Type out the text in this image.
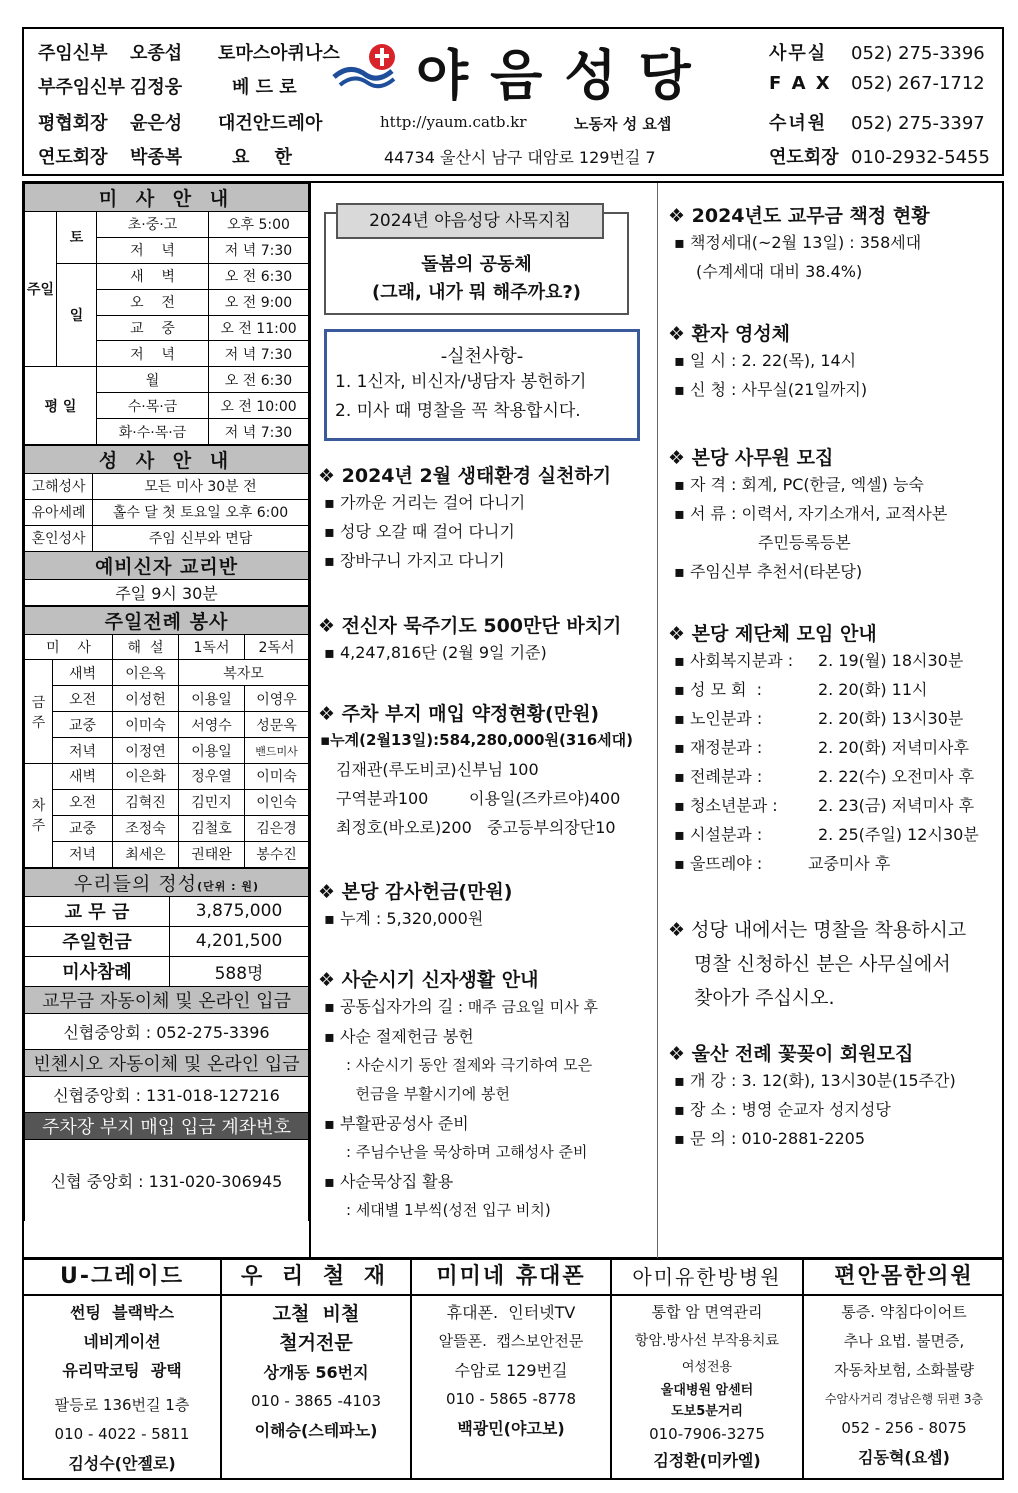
주임신부 오종섭 토마스아퀴나스
부주임신부 김정웅	베 드 로
평협회장 윤은성 대건안드레아
연도회장 박종복	요    한
야음성당
http://yaum.catb.kr	노동자 성 요셉
44734 울산시 남구 대암로 129번길 7
사무실 052) 275-3396
F A X 052) 267-1712
수녀원 052) 275-3397
연도회장 010-2932-5455
미 사 안 내			
주일	토	초·중·고	오후 5:00
		저    녁	저 녁 7:30
	일	새    벽	오 전 6:30
		오    전	오 전 9:00
		교    중	오 전 11:00
		저    녁	저 녁 7:30
평 일		월	오 전 6:30
		수·목·금	오 전 10:00
		화·수·목·금	저 녁 7:30
성 사 안 내	
고해성사	모든 미사 30분 전
유아세례	홀수 달 첫 토요일 오후 6:00
혼인성사	주임 신부와 면담
예비신자 교리반	
주일 9시 30분	
주일전례 봉사				
미    사		해  설	1독서	2독서
금주	새벽	이은옥	복자모	
	오전	이성헌	이용일	이영우
	교중	이미숙	서영수	성문옥
	저녁	이정연	이용일	밴드미사
차주	새벽	이은화	정우열	이미숙
	오전	김혁진	김민지	이인숙
	교중	조정숙	김철호	김은경
	저녁	최세은	권태완	봉수진
우리들의 정성(단위 : 원)	
교 무 금	3,875,000
주일헌금	4,201,500
미사참례	588명
교무금 자동이체 및 온라인 입금	
신협중앙회 : 052-275-3396	
빈첸시오 자동이체 및 온라인 입금	
신협중앙회 : 131-018-127216	
주차장 부지 매입 입금 계좌번호	
신협 중앙회 : 131-020-306945	
2024년 야음성당 사목지침
돌봄의 공동체
(그래, 내가 뭐 해주까요?)
-실천사항-
1. 1신자, 비신자/냉담자 봉헌하기
2. 미사 때 명찰을 꼭 착용합시다.
❖ 2024년 2월 생태환경 실천하기
▪ 가까운 거리는 걸어 다니기
▪ 성당 오갈 때 걸어 다니기
▪ 장바구니 가지고 다니기
❖ 전신자 묵주기도 500만단 바치기
▪ 4,247,816단 (2월 9일 기준)
❖ 주차 부지 매입 약정현황(만원)
▪누계(2월13일):584,280,000원(316세대)
김재관(루도비코)신부님 100
구역분과100        이용일(즈카르야)400
최정호(바오로)200   중고등부의장단10
❖ 본당 감사헌금(만원)
▪ 누계 : 5,320,000원
❖ 사순시기 신자생활 안내
▪ 공동십자가의 길 : 매주 금요일 미사 후
▪ 사순 절제헌금 봉헌
: 사순시기 동안 절제와 극기하여 모은
헌금을 부활시기에 봉헌
▪ 부활판공성사 준비
: 주님수난을 묵상하며 고해성사 준비
▪ 사순묵상집 활용
: 세대별 1부씩(성전 입구 비치)
❖ 2024년도 교무금 책정 현황
▪ 책정세대(~2월 13일) : 358세대
(수계세대 대비 38.4%)
❖ 환자 영성체
▪ 일 시 : 2. 22(목), 14시
▪ 신 청 : 사무실(21일까지)
❖ 본당 사무원 모집
▪ 자 격 : 회계, PC(한글, 엑셀) 능숙
▪ 서 류 : 이력서, 자기소개서, 교적사본
주민등록등본
▪ 주임신부 추천서(타본당)
❖ 본당 제단체 모임 안내
▪ 사회복지분과 : 2. 19(월) 18시30분
▪ 성 모 회  :	2. 20(화) 11시
▪ 노인분과 :	2. 20(화) 13시30분
▪ 재정분과 :	2. 20(화) 저녁미사후
▪ 전례분과 :	2. 22(수) 오전미사 후
▪ 청소년분과 :	2. 23(금) 저녁미사 후
▪ 시설분과 :	2. 25(주일) 12시30분
▪ 울뜨레야 :	교중미사 후
❖ 성당 내에서는 명찰을 착용하시고
명찰 신청하신 분은 사무실에서
찾아가 주십시오.
❖ 울산 전례 꽃꽂이 회원모집
▪ 개 강 : 3. 12(화), 13시30분(15주간)
▪ 장 소 : 병영 순교자 성지성당
▪ 문 의 : 010-2881-2205
U-그레이드
썬팅  블랙박스
네비게이션
유리막코팅  광택
팔등로 136번길 1층
010 - 4022 - 5811
김성수(안젤로)
우 리 철 재
고철  비철
철거전문
상개동 56번지
010 - 3865 -4103
이해승(스테파노)
미미네 휴대폰
휴대폰.  인터넷TV
알뜰폰.  캡스보안전문
수암로 129번길
010 - 5865 -8778
백광민(야고보)
아미유한방병원
통합 암 면역관리
항암.방사선 부작용치료
여성전용
울대병원 암센터
도보5분거리
010-7906-3275
김정환(미카엘)
편안몸한의원
통증. 약침다이어트
추나 요법. 불면증,
자동차보험, 소화불량
수암사거리 경남은행 뒤편 3층
052 - 256 - 8075
김동혁(요셉)
